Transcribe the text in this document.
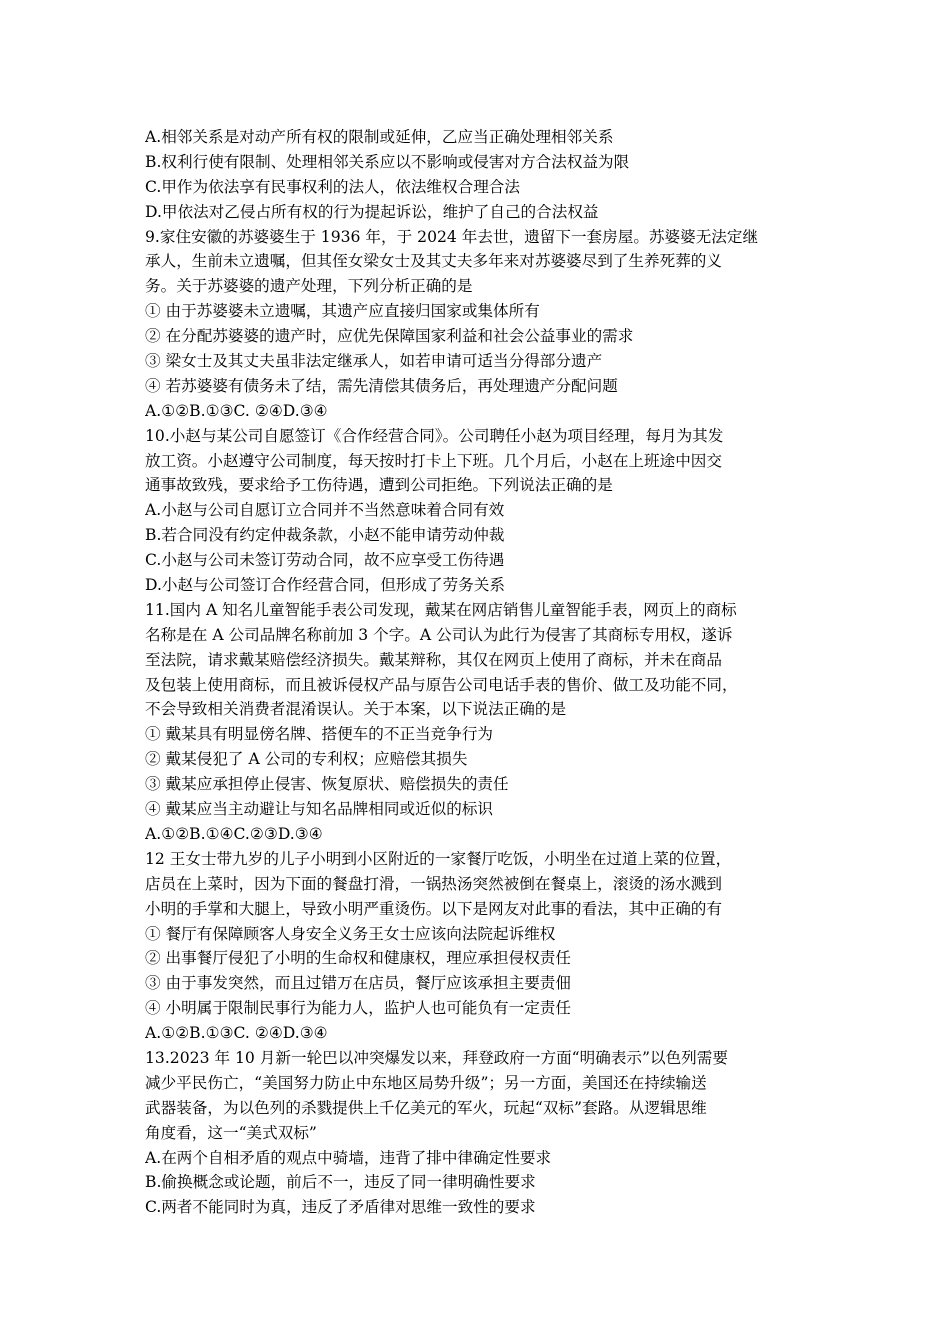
A.相邻关系是对动产所有权的限制或延伸，乙应当正确处理相邻关系
B.权利行使有限制、处理相邻关系应以不影响或侵害对方合法权益为限
C.甲作为依法享有民事权利的法人，依法维权合理合法
D.甲依法对乙侵占所有权的行为提起诉讼，维护了自己的合法权益
9.家住安徽的苏婆婆生于 1936 年，于 2024 年去世，遗留下一套房屋。苏婆婆无法定继
承人，生前未立遗嘱，但其侄女梁女士及其丈夫多年来对苏婆婆尽到了生养死葬的义
务。关于苏婆婆的遗产处理，下列分析正确的是
① 由于苏婆婆未立遗嘱，其遗产应直接归国家或集体所有
② 在分配苏婆婆的遗产时，应优先保障国家利益和社会公益事业的需求
③ 梁女士及其丈夫虽非法定继承人，如若申请可适当分得部分遗产
④ 若苏婆婆有债务未了结，需先清偿其债务后，再处理遗产分配问题
A.①②B.①③C. ②④D.③④
10.小赵与某公司自愿签订《合作经营合同》。公司聘任小赵为项目经理，每月为其发
放工资。小赵遵守公司制度，每天按时打卡上下班。几个月后，小赵在上班途中因交
通事故致残，要求给予工伤待遇，遭到公司拒绝。下列说法正确的是
A.小赵与公司自愿订立合同并不当然意味着合同有效
B.若合同没有约定仲裁条款，小赵不能申请劳动仲裁
C.小赵与公司未签订劳动合同，故不应享受工伤待遇
D.小赵与公司签订合作经营合同，但形成了劳务关系
11.国内 A 知名儿童智能手表公司发现，戴某在网店销售儿童智能手表，网页上的商标
名称是在 A 公司品牌名称前加 3 个字。A 公司认为此行为侵害了其商标专用权，遂诉
至法院，请求戴某赔偿经济损失。戴某辩称，其仅在网页上使用了商标，并未在商品
及包装上使用商标，而且被诉侵权产品与原告公司电话手表的售价、做工及功能不同，
不会导致相关消费者混淆误认。关于本案，以下说法正确的是
① 戴某具有明显傍名牌、搭便车的不正当竞争行为
② 戴某侵犯了 A 公司的专利权；应赔偿其损失
③ 戴某应承担停止侵害、恢复原状、赔偿损失的责任
④ 戴某应当主动避让与知名品牌相同或近似的标识
A.①②B.①④C.②③D.③④
12 王女士带九岁的儿子小明到小区附近的一家餐厅吃饭，小明坐在过道上菜的位置，
店员在上菜时，因为下面的餐盘打滑，一锅热汤突然被倒在餐桌上，滚烫的汤水溅到
小明的手掌和大腿上，导致小明严重烫伤。以下是网友对此事的看法，其中正确的有
① 餐厅有保障顾客人身安全义务王女士应该向法院起诉维权
② 出事餐厅侵犯了小明的生命权和健康权，理应承担侵权责任
③ 由于事发突然，而且过错万在店员，餐厅应该承担主要责佃
④ 小明属于限制民事行为能力人，监护人也可能负有一定责任
A.①②B.①③C. ②④D.③④
13.2023 年 10 月新一轮巴以冲突爆发以来，拜登政府一方面“明确表示”以色列需要
减少平民伤亡，“美国努力防止中东地区局势升级”；另一方面，美国还在持续输送
武器装备，为以色列的杀戮提供上千亿美元的军火，玩起“双标”套路。从逻辑思维
角度看，这一“美式双标”
A.在两个自相矛盾的观点中骑墙，违背了排中律确定性要求
B.偷换概念或论题，前后不一，违反了同一律明确性要求
C.两者不能同时为真，违反了矛盾律对思维一致性的要求
